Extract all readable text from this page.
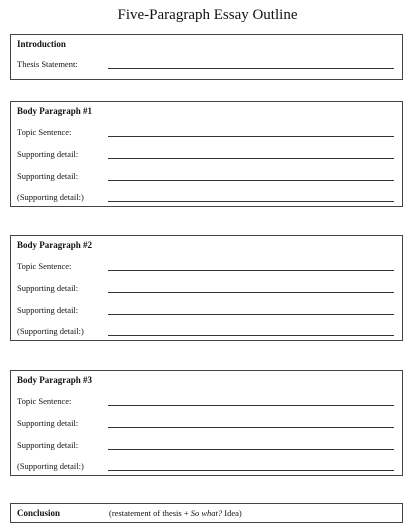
Five-Paragraph Essay Outline
Introduction
Thesis Statement:
Body Paragraph #1
Topic Sentence:
Supporting detail:
Supporting detail:
(Supporting detail:)
Body Paragraph #2
Topic Sentence:
Supporting detail:
Supporting detail:
(Supporting detail:)
Body Paragraph #3
Topic Sentence:
Supporting detail:
Supporting detail:
(Supporting detail:)
Conclusion	(restatement of thesis + So what? Idea)
